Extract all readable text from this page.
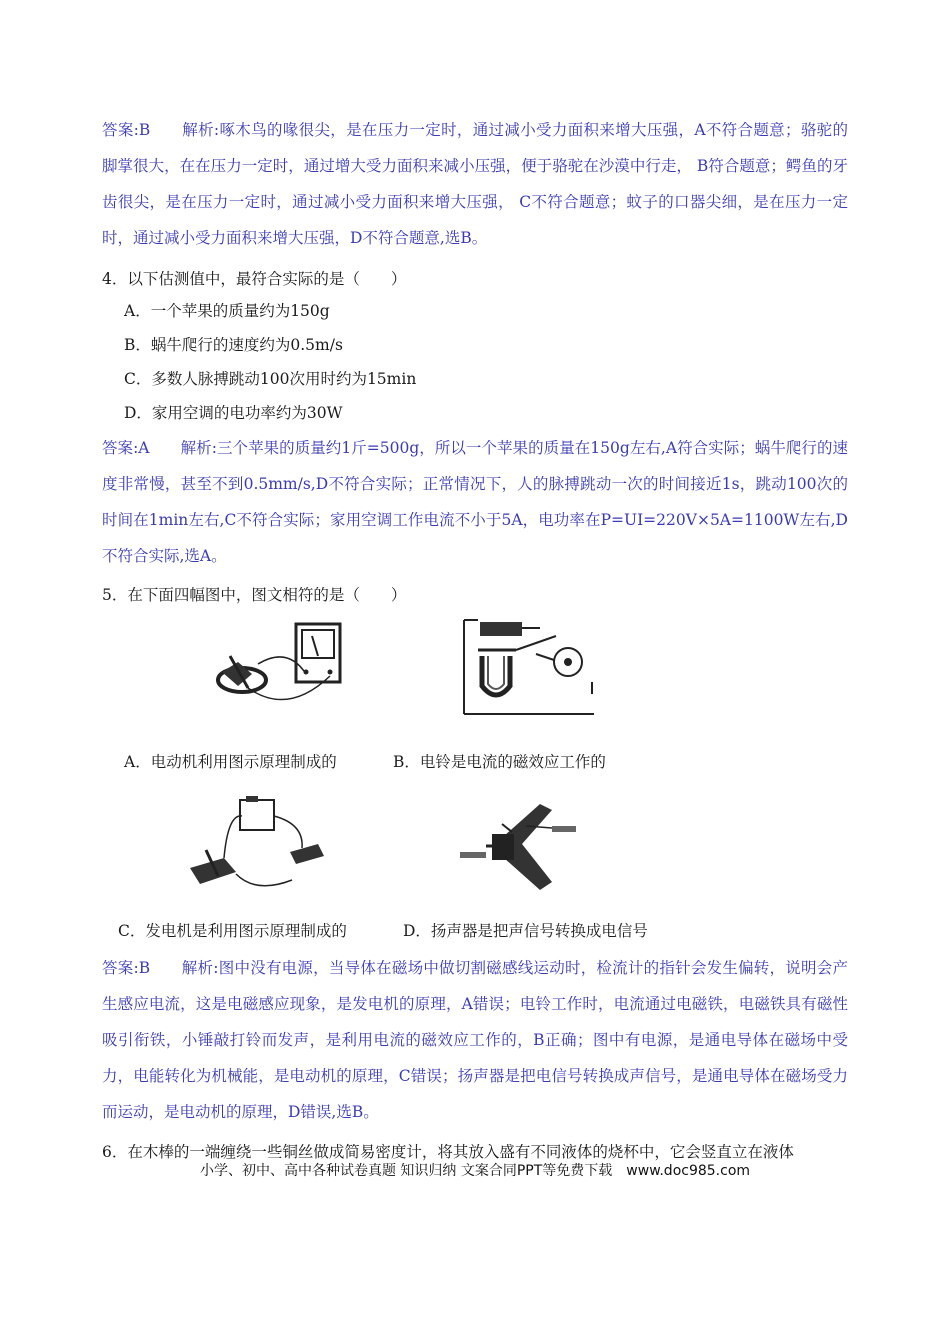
答案:B　　解析:啄木鸟的喙很尖，是在压力一定时，通过减小受力面积来增大压强，A不符合题意；骆驼的脚掌很大，在在压力一定时，通过增大受力面积来减小压强，便于骆驼在沙漠中行走， B符合题意；鳄鱼的牙齿很尖，是在压力一定时，通过减小受力面积来增大压强， C不符合题意；蚊子的口器尖细，是在压力一定时，通过减小受力面积来增大压强，D不符合题意,选B。
4．以下估测值中，最符合实际的是（　　）
A．一个苹果的质量约为150g
B．蜗牛爬行的速度约为0.5m/s
C．多数人脉搏跳动100次用时约为15min
D．家用空调的电功率约为30W
答案:A　　解析:三个苹果的质量约1斤=500g，所以一个苹果的质量在150g左右,A符合实际；蜗牛爬行的速度非常慢，甚至不到0.5mm/s,D不符合实际；正常情况下，人的脉搏跳动一次的时间接近1s，跳动100次的时间在1min左右,C不符合实际；家用空调工作电流不小于5A，电功率在P=UI=220V×5A=1100W左右,D不符合实际,选A。
5．在下面四幅图中，图文相符的是（　　）
A．电动机利用图示原理制成的	B．电铃是电流的磁效应工作的
C．发电机是利用图示原理制成的	D．扬声器是把声信号转换成电信号
答案:B　　解析:图中没有电源，当导体在磁场中做切割磁感线运动时，检流计的指针会发生偏转，说明会产生感应电流，这是电磁感应现象，是发电机的原理，A错误；电铃工作时，电流通过电磁铁，电磁铁具有磁性吸引衔铁，小锤敲打铃而发声，是利用电流的磁效应工作的，B正确；图中有电源，是通电导体在磁场中受力，电能转化为机械能，是电动机的原理，C错误；扬声器是把电信号转换成声信号，是通电导体在磁场受力而运动，是电动机的原理，D错误,选B。
6．在木棒的一端缠绕一些铜丝做成简易密度计，将其放入盛有不同液体的烧杯中，它会竖直立在液体
小学、初中、高中各种试卷真题 知识归纳 文案合同PPT等免费下载　www.doc985.com
